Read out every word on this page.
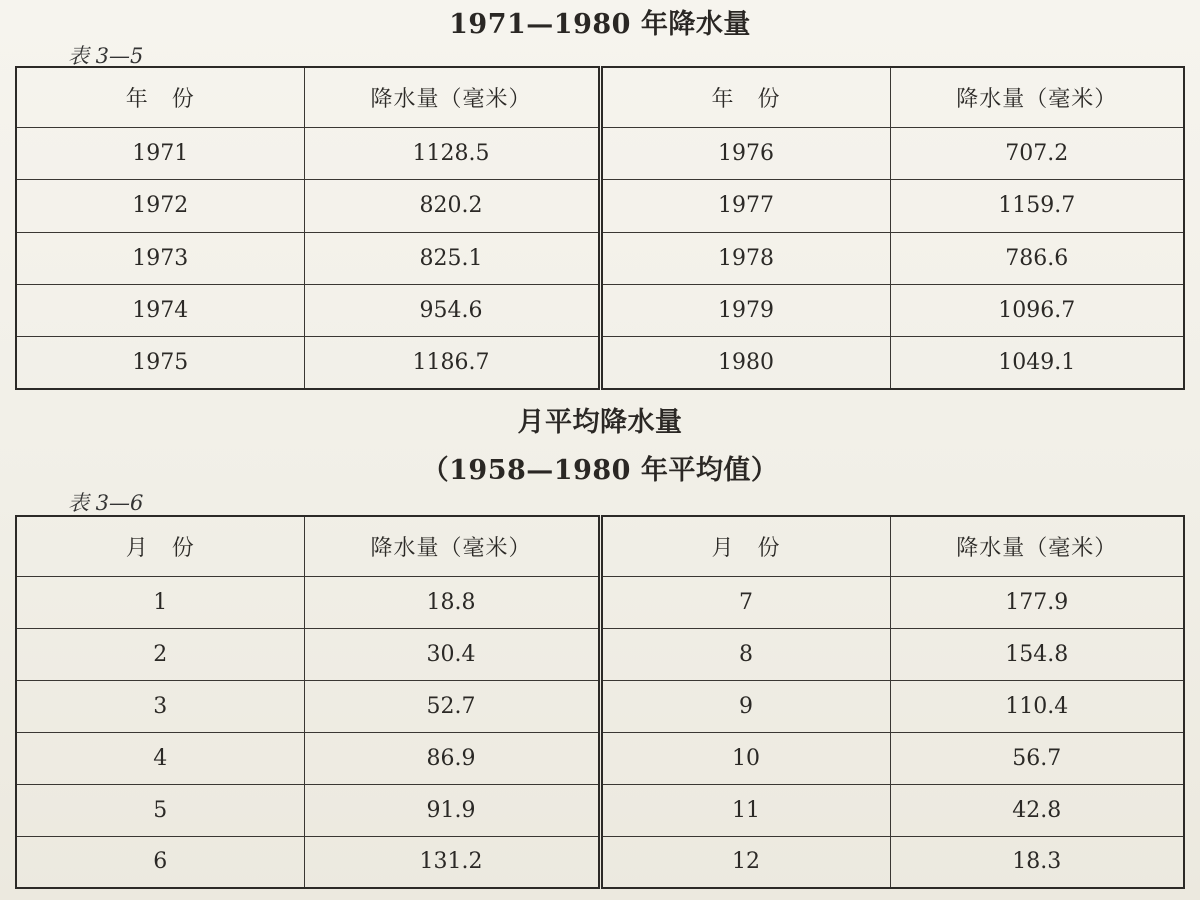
1971—1980 年降水量
表 3—5
年　份	降水量（毫米）	年　份	降水量（毫米）
1971	1128.5	1976	707.2
1972	820.2	1977	1159.7
1973	825.1	1978	786.6
1974	954.6	1979	1096.7
1975	1186.7	1980	1049.1
月平均降水量
（1958—1980 年平均值）
表 3—6
月　份	降水量（毫米）	月　份	降水量（毫米）
1	18.8	7	177.9
2	30.4	8	154.8
3	52.7	9	110.4
4	86.9	10	56.7
5	91.9	11	42.8
6	131.2	12	18.3
